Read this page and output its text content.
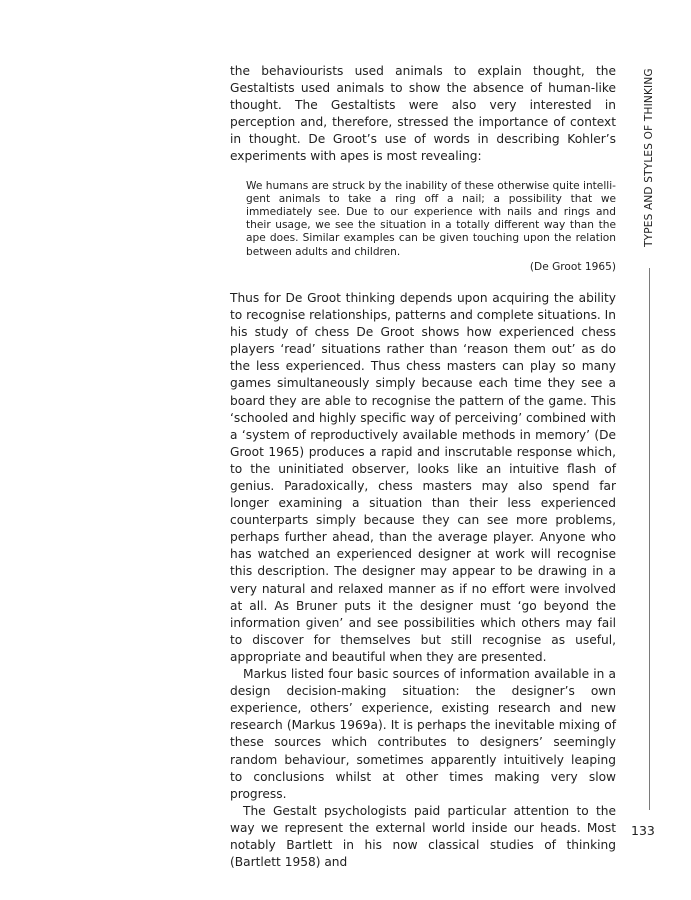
the behaviourists used animals to explain thought, the Gestaltists used animals to show the absence of human-like thought. The Gestaltists were also very interested in perception and, therefore, stressed the importance of context in thought. De Groot’s use of words in describing Kohler’s experiments with apes is most revealing:

We humans are struck by the inability of these otherwise quite intelligent animals to take a ring off a nail; a possibility that we immediately see. Due to our experience with nails and rings and their usage, we see the situation in a totally different way than the ape does. Similar examples can be given touching upon the relation between adults and children.

(De Groot 1965)

Thus for De Groot thinking depends upon acquiring the ability to recognise relationships, patterns and complete situations. In his study of chess De Groot shows how experienced chess players ‘read’ situations rather than ‘reason them out’ as do the less experienced. Thus chess masters can play so many games simultaneously simply because each time they see a board they are able to recognise the pattern of the game. This ‘schooled and highly specific way of perceiving’ combined with a ‘system of reproductively available methods in memory’ (De Groot 1965) produces a rapid and inscrutable response which, to the uninitiated observer, looks like an intuitive flash of genius. Paradoxically, chess masters may also spend far longer examining a situation than their less experienced counterparts simply because they can see more problems, perhaps further ahead, than the average player. Anyone who has watched an experienced designer at work will recognise this description. The designer may appear to be drawing in a very natural and relaxed manner as if no effort were involved at all. As Bruner puts it the designer must ‘go beyond the information given’ and see possibilities which others may fail to discover for themselves but still recognise as useful, appropriate and beautiful when they are presented.

Markus listed four basic sources of information available in a design decision-making situation: the designer’s own experience, others’ experience, existing research and new research (Markus 1969a). It is perhaps the inevitable mixing of these sources which contributes to designers’ seemingly random behaviour, sometimes apparently intuitively leaping to conclusions whilst at other times making very slow progress.

The Gestalt psychologists paid particular attention to the way we represent the external world inside our heads. Most notably Bartlett in his now classical studies of thinking (Bartlett 1958) and

TYPES AND STYLES OF THINKING
133
